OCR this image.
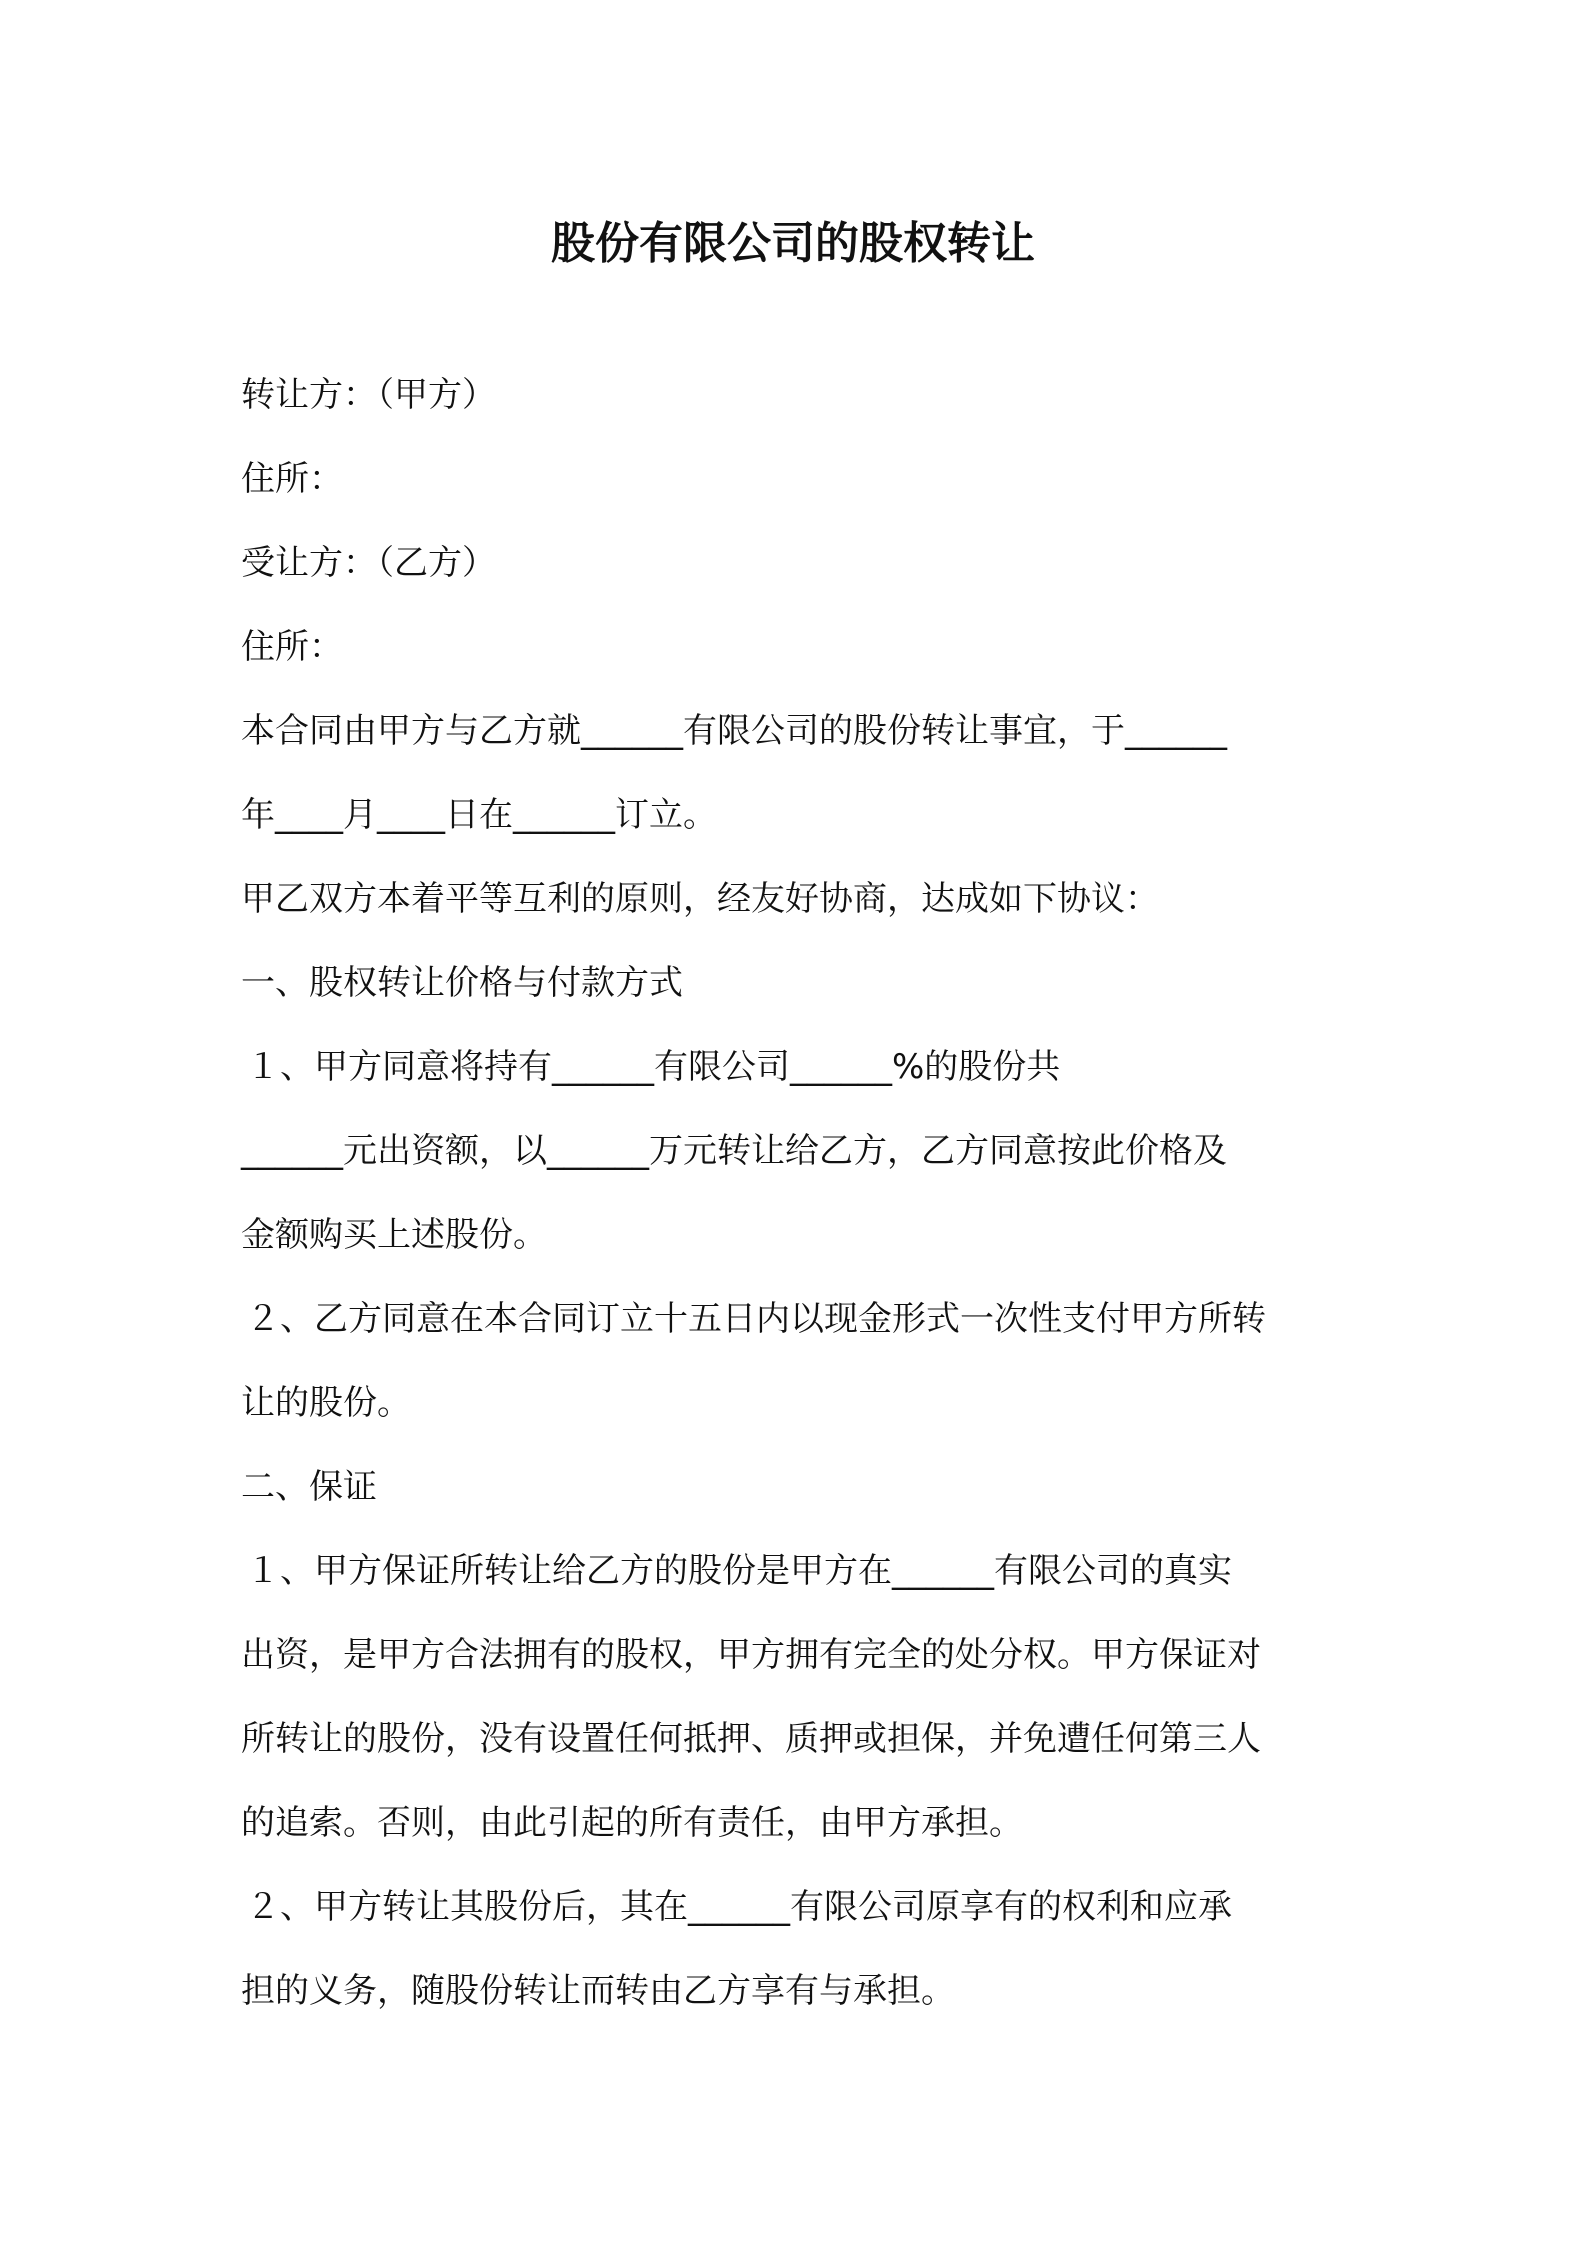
股份有限公司的股权转让
转让方：（甲方）
住所：
受让方：（乙方）
住所：
本合同由甲方与乙方就______有限公司的股份转让事宜，于______
年____月____日在______订立。
甲乙双方本着平等互利的原则，经友好协商，达成如下协议：
一、股权转让价格与付款方式
１、甲方同意将持有______有限公司______%的股份共
______元出资额，以______万元转让给乙方，乙方同意按此价格及
金额购买上述股份。
２、乙方同意在本合同订立十五日内以现金形式一次性支付甲方所转
让的股份。
二、保证
１、甲方保证所转让给乙方的股份是甲方在______有限公司的真实
出资，是甲方合法拥有的股权，甲方拥有完全的处分权。甲方保证对
所转让的股份，没有设置任何抵押、质押或担保，并免遭任何第三人
的追索。否则，由此引起的所有责任，由甲方承担。
２、甲方转让其股份后，其在______有限公司原享有的权利和应承
担的义务，随股份转让而转由乙方享有与承担。
